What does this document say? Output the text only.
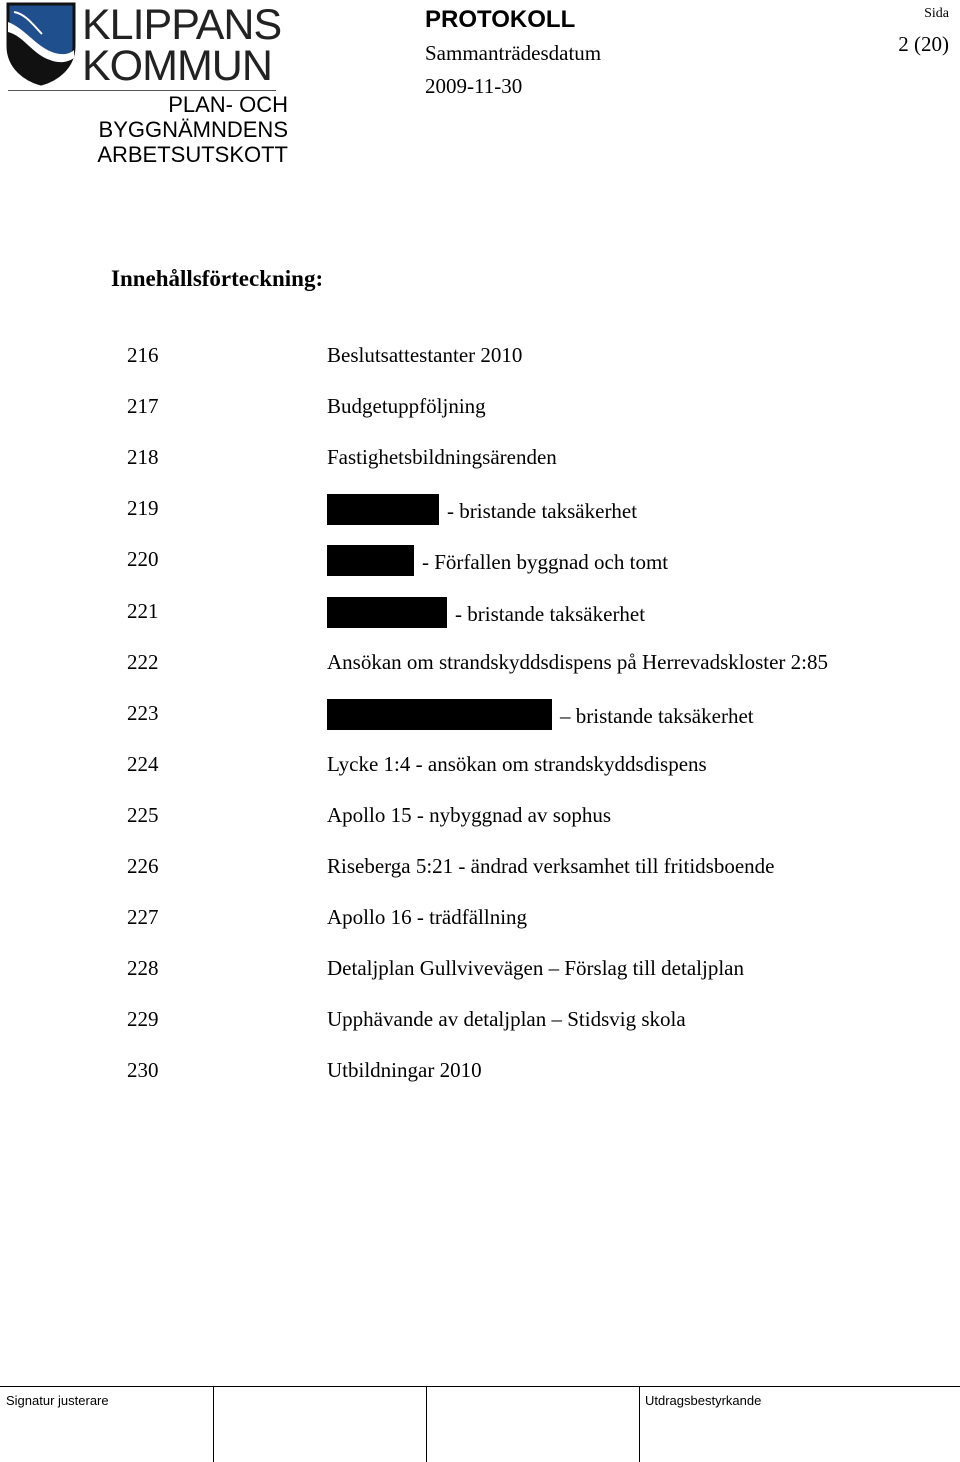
KLIPPANS
KOMMUN
PLAN- OCH
BYGGNÄMNDENS
ARBETSUTSKOTT
PROTOKOLL
Sammanträdesdatum
2009-11-30
Sida
2 (20)
Innehållsförteckning:
216	Beslutsattestanter 2010
217	Budgetuppföljning
218	Fastighetsbildningsärenden
219	- bristande taksäkerhet
220	- Förfallen byggnad och tomt
221	- bristande taksäkerhet
222	Ansökan om strandskyddsdispens på Herrevadskloster 2:85
223	– bristande taksäkerhet
224	Lycke 1:4 - ansökan om strandskyddsdispens
225	Apollo 15 - nybyggnad av sophus
226	Riseberga 5:21 - ändrad verksamhet till fritidsboende
227	Apollo 16 - trädfällning
228	Detaljplan Gullvivevägen – Förslag till detaljplan
229	Upphävande av detaljplan – Stidsvig skola
230	Utbildningar 2010
Signatur justerare	Utdragsbestyrkande
